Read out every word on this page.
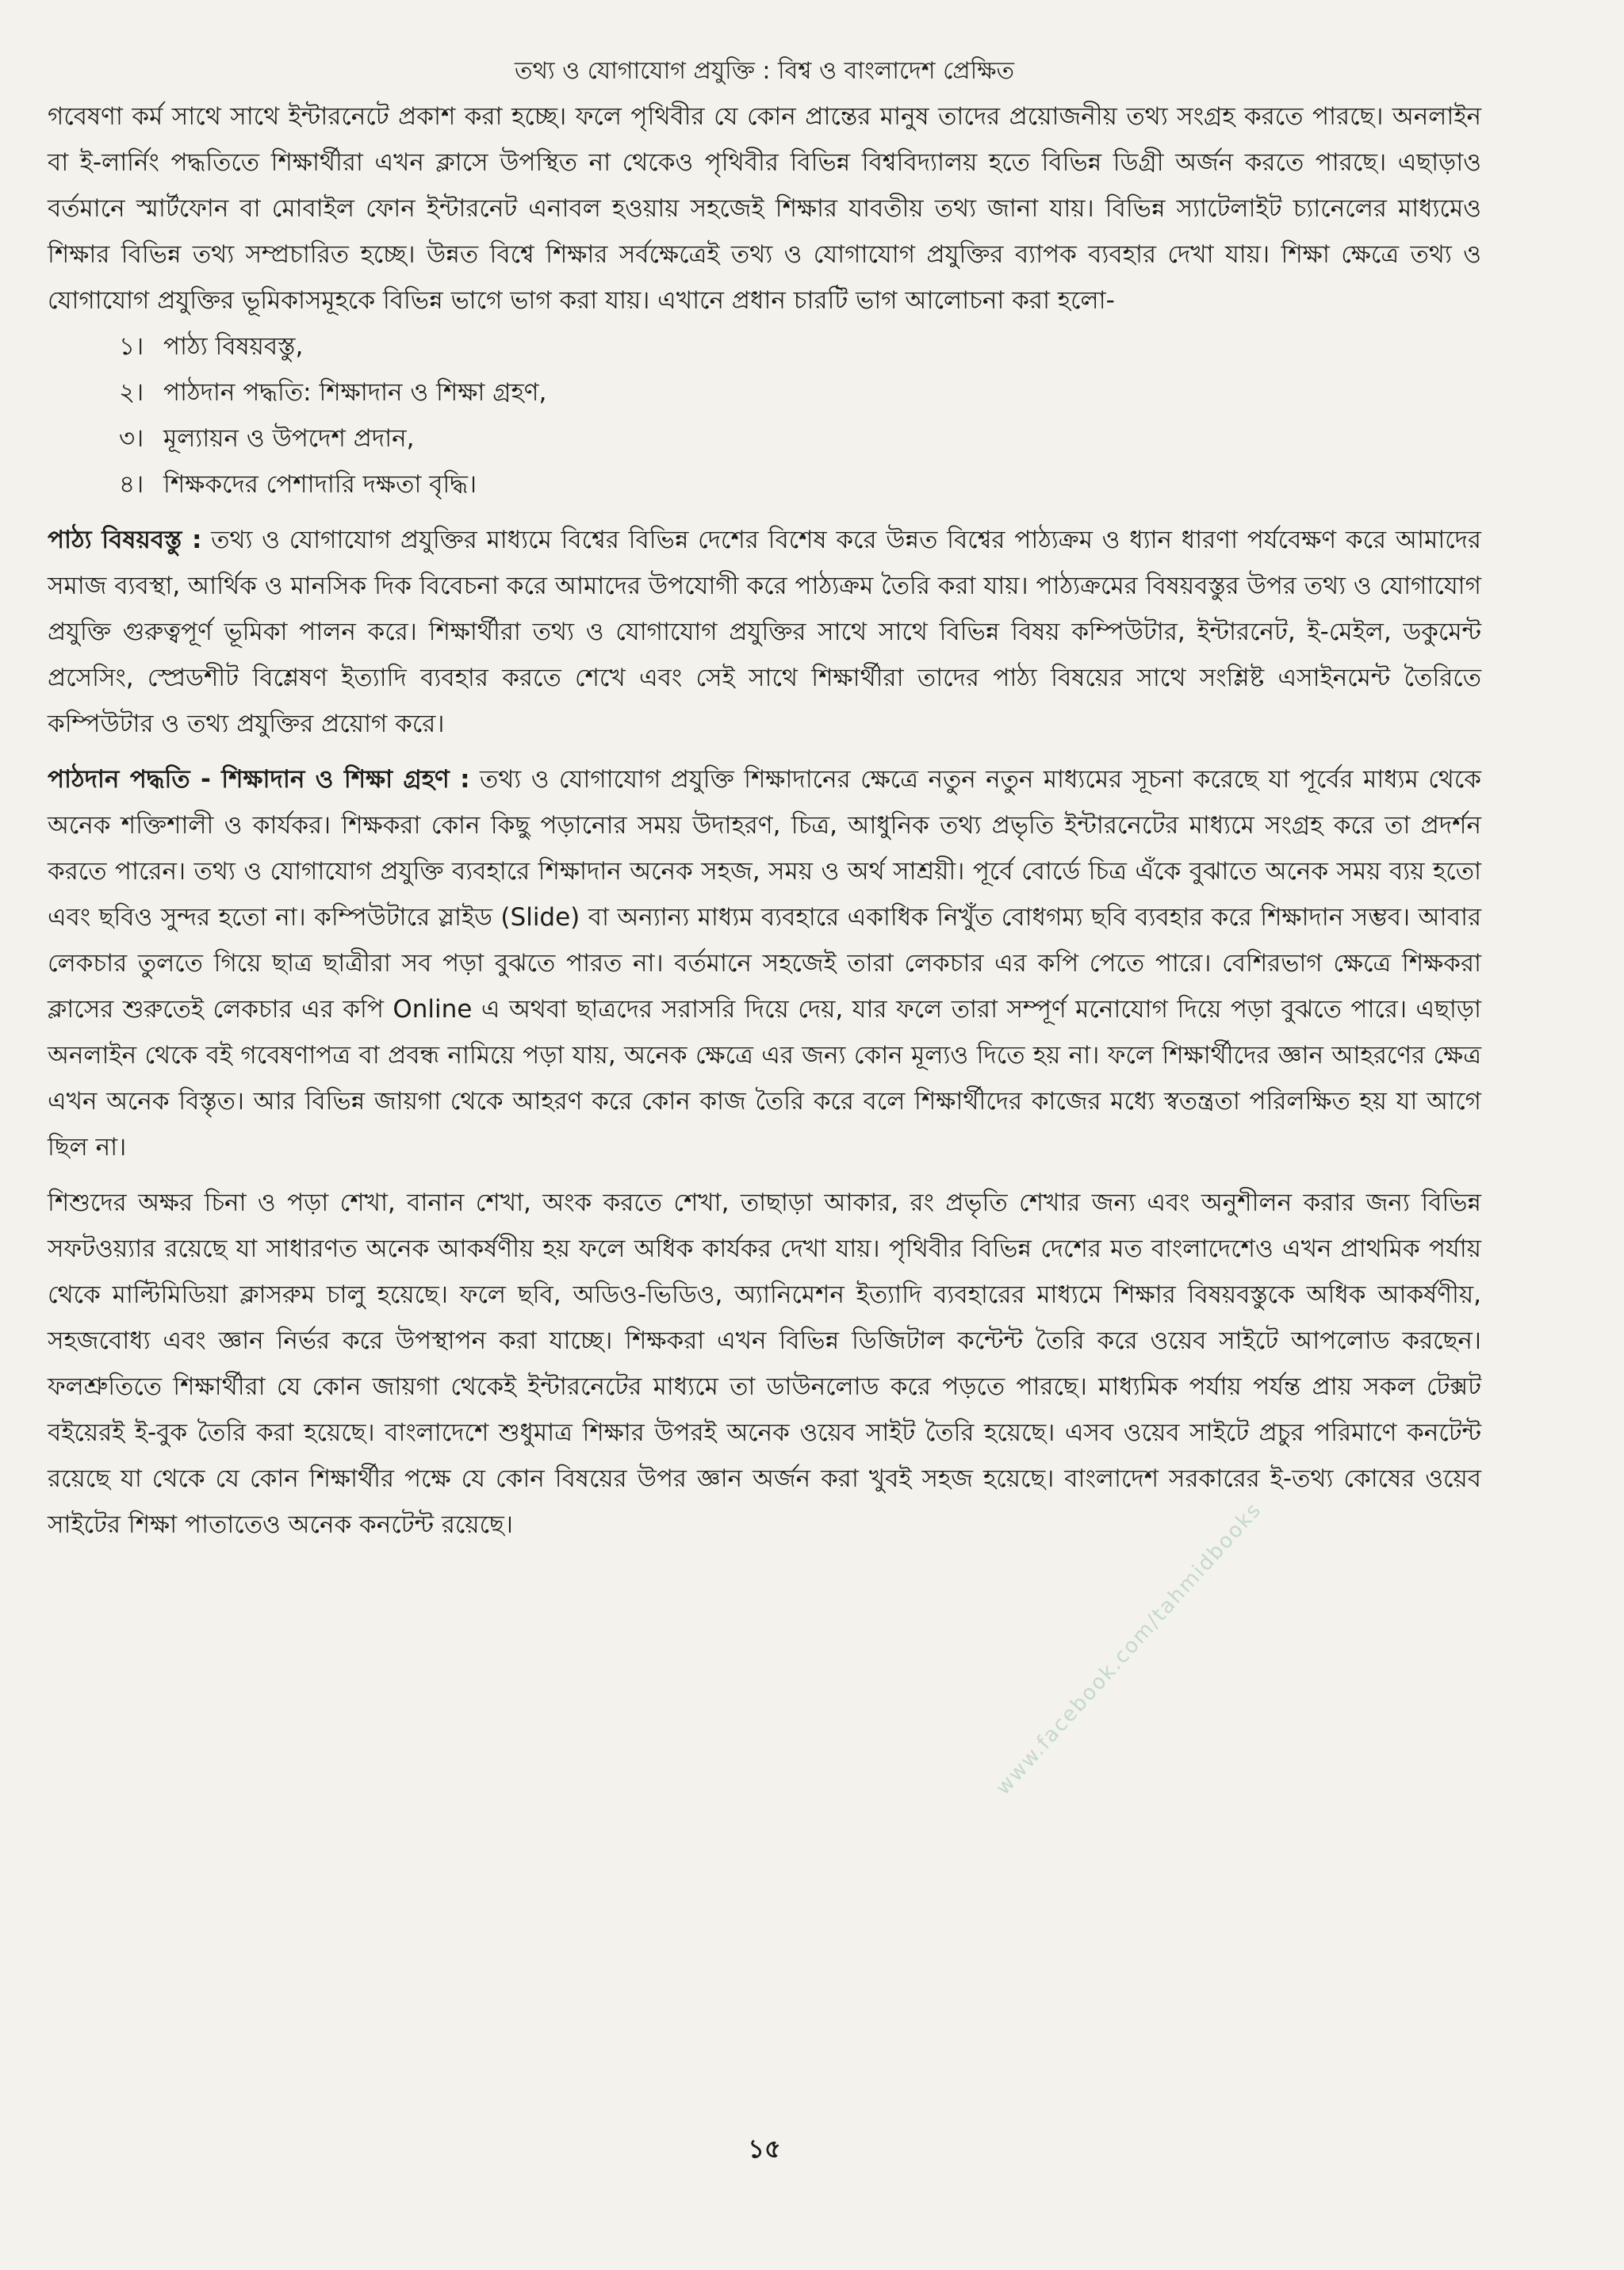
তথ্য ও যোগাযোগ প্রযুক্তি : বিশ্ব ও বাংলাদেশ প্রেক্ষিত

গবেষণা কর্ম সাথে সাথে ইন্টারনেটে প্রকাশ করা হচ্ছে। ফলে পৃথিবীর যে কোন প্রান্তের মানুষ তাদের প্রয়োজনীয় তথ্য সংগ্রহ করতে পারছে। অনলাইন বা ই-লার্নিং পদ্ধতিতে শিক্ষার্থীরা এখন ক্লাসে উপস্থিত না থেকেও পৃথিবীর বিভিন্ন বিশ্ববিদ্যালয় হতে বিভিন্ন ডিগ্রী অর্জন করতে পারছে। এছাড়াও বর্তমানে স্মার্টফোন বা মোবাইল ফোন ইন্টারনেট এনাবল হওয়ায় সহজেই শিক্ষার যাবতীয় তথ্য জানা যায়। বিভিন্ন স্যাটেলাইট চ্যানেলের মাধ্যমেও শিক্ষার বিভিন্ন তথ্য সম্প্রচারিত হচ্ছে। উন্নত বিশ্বে শিক্ষার সর্বক্ষেত্রেই তথ্য ও যোগাযোগ প্রযুক্তির ব্যাপক ব্যবহার দেখা যায়। শিক্ষা ক্ষেত্রে তথ্য ও যোগাযোগ প্রযুক্তির ভূমিকাসমূহকে বিভিন্ন ভাগে ভাগ করা যায়। এখানে প্রধান চারটি ভাগ আলোচনা করা হলো-

১। পাঠ্য বিষয়বস্তু,
২। পাঠদান পদ্ধতি: শিক্ষাদান ও শিক্ষা গ্রহণ,
৩। মূল্যায়ন ও উপদেশ প্রদান,
৪। শিক্ষকদের পেশাদারি দক্ষতা বৃদ্ধি।

পাঠ্য বিষয়বস্তু : তথ্য ও যোগাযোগ প্রযুক্তির মাধ্যমে বিশ্বের বিভিন্ন দেশের বিশেষ করে উন্নত বিশ্বের পাঠ্যক্রম ও ধ্যান ধারণা পর্যবেক্ষণ করে আমাদের সমাজ ব্যবস্থা, আর্থিক ও মানসিক দিক বিবেচনা করে আমাদের উপযোগী করে পাঠ্যক্রম তৈরি করা যায়। পাঠ্যক্রমের বিষয়বস্তুর উপর তথ্য ও যোগাযোগ প্রযুক্তি গুরুত্বপূর্ণ ভূমিকা পালন করে। শিক্ষার্থীরা তথ্য ও যোগাযোগ প্রযুক্তির সাথে সাথে বিভিন্ন বিষয় কম্পিউটার, ইন্টারনেট, ই-মেইল, ডকুমেন্ট প্রসেসিং, স্প্রেডশীট বিশ্লেষণ ইত্যাদি ব্যবহার করতে শেখে এবং সেই সাথে শিক্ষার্থীরা তাদের পাঠ্য বিষয়ের সাথে সংশ্লিষ্ট এসাইনমেন্ট তৈরিতে কম্পিউটার ও তথ্য প্রযুক্তির প্রয়োগ করে।

পাঠদান পদ্ধতি - শিক্ষাদান ও শিক্ষা গ্রহণ : তথ্য ও যোগাযোগ প্রযুক্তি শিক্ষাদানের ক্ষেত্রে নতুন নতুন মাধ্যমের সূচনা করেছে যা পূর্বের মাধ্যম থেকে অনেক শক্তিশালী ও কার্যকর। শিক্ষকরা কোন কিছু পড়ানোর সময় উদাহরণ, চিত্র, আধুনিক তথ্য প্রভৃতি ইন্টারনেটের মাধ্যমে সংগ্রহ করে তা প্রদর্শন করতে পারেন। তথ্য ও যোগাযোগ প্রযুক্তি ব্যবহারে শিক্ষাদান অনেক সহজ, সময় ও অর্থ সাশ্রয়ী। পূর্বে বোর্ডে চিত্র এঁকে বুঝাতে অনেক সময় ব্যয় হতো এবং ছবিও সুন্দর হতো না। কম্পিউটারে স্লাইড (Slide) বা অন্যান্য মাধ্যম ব্যবহারে একাধিক নিখুঁত বোধগম্য ছবি ব্যবহার করে শিক্ষাদান সম্ভব। আবার লেকচার তুলতে গিয়ে ছাত্র ছাত্রীরা সব পড়া বুঝতে পারত না। বর্তমানে সহজেই তারা লেকচার এর কপি পেতে পারে। বেশিরভাগ ক্ষেত্রে শিক্ষকরা ক্লাসের শুরুতেই লেকচার এর কপি Online এ অথবা ছাত্রদের সরাসরি দিয়ে দেয়, যার ফলে তারা সম্পূর্ণ মনোযোগ দিয়ে পড়া বুঝতে পারে। এছাড়া অনলাইন থেকে বই গবেষণাপত্র বা প্রবন্ধ নামিয়ে পড়া যায়, অনেক ক্ষেত্রে এর জন্য কোন মূল্যও দিতে হয় না। ফলে শিক্ষার্থীদের জ্ঞান আহরণের ক্ষেত্র এখন অনেক বিস্তৃত। আর বিভিন্ন জায়গা থেকে আহরণ করে কোন কাজ তৈরি করে বলে শিক্ষার্থীদের কাজের মধ্যে স্বতন্ত্রতা পরিলক্ষিত হয় যা আগে ছিল না।

শিশুদের অক্ষর চিনা ও পড়া শেখা, বানান শেখা, অংক করতে শেখা, তাছাড়া আকার, রং প্রভৃতি শেখার জন্য এবং অনুশীলন করার জন্য বিভিন্ন সফটওয়্যার রয়েছে যা সাধারণত অনেক আকর্ষণীয় হয় ফলে অধিক কার্যকর দেখা যায়। পৃথিবীর বিভিন্ন দেশের মত বাংলাদেশেও এখন প্রাথমিক পর্যায় থেকে মাল্টিমিডিয়া ক্লাসরুম চালু হয়েছে। ফলে ছবি, অডিও-ভিডিও, অ্যানিমেশন ইত্যাদি ব্যবহারের মাধ্যমে শিক্ষার বিষয়বস্তুকে অধিক আকর্ষণীয়, সহজবোধ্য এবং জ্ঞান নির্ভর করে উপস্থাপন করা যাচ্ছে। শিক্ষকরা এখন বিভিন্ন ডিজিটাল কন্টেন্ট তৈরি করে ওয়েব সাইটে আপলোড করছেন। ফলশ্রুতিতে শিক্ষার্থীরা যে কোন জায়গা থেকেই ইন্টারনেটের মাধ্যমে তা ডাউনলোড করে পড়তে পারছে। মাধ্যমিক পর্যায় পর্যন্ত প্রায় সকল টেক্সট বইয়েরই ই-বুক তৈরি করা হয়েছে। বাংলাদেশে শুধুমাত্র শিক্ষার উপরই অনেক ওয়েব সাইট তৈরি হয়েছে। এসব ওয়েব সাইটে প্রচুর পরিমাণে কনটেন্ট রয়েছে যা থেকে যে কোন শিক্ষার্থীর পক্ষে যে কোন বিষয়ের উপর জ্ঞান অর্জন করা খুবই সহজ হয়েছে। বাংলাদেশ সরকারের ই-তথ্য কোষের ওয়েব সাইটের শিক্ষা পাতাতেও অনেক কনটেন্ট রয়েছে।

১৫
www.facebook.com/tahmidbooks
